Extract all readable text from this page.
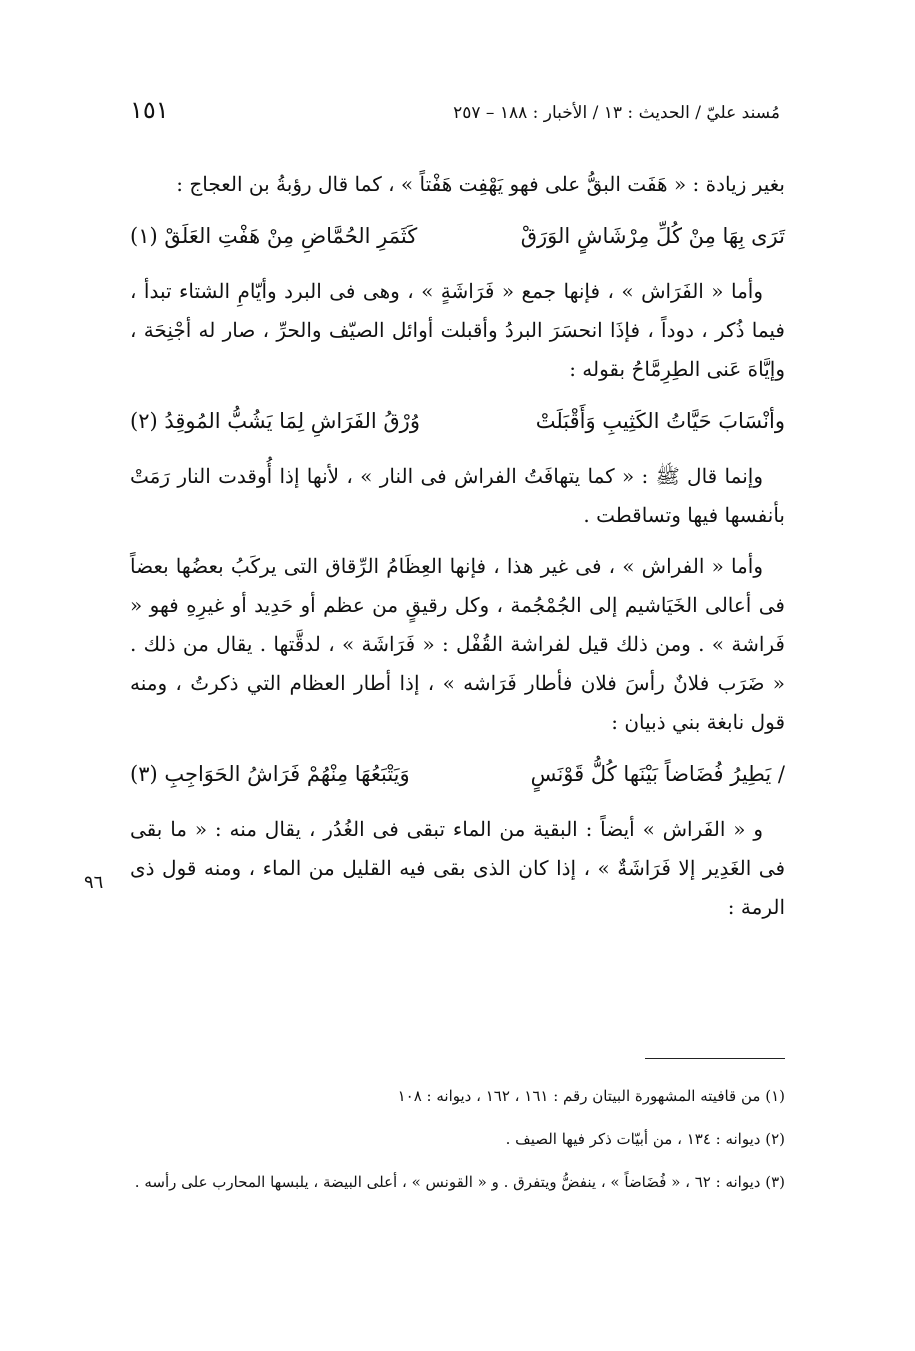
مُسند عليّ / الحديث : ١٣ / الأخبار : ١٨٨ – ٢٥٧
١٥١

بغير زيادة : « هَفَت البقُّ على فهو يَهْفِت هَفْتاً » ، كما قال رؤبةُ بن العجاج :

تَرَى بِهَا مِنْ كُلِّ مِرْشَاشٍ الوَرَقْ
كَثَمَرِ الحُمَّاضِ مِنْ هَفْتِ العَلَقْ (١)

وأما « الفَرَاش » ، فإنها جمع « فَرَاشَةٍ » ، وهى فى البرد وأيّامِ الشتاء تبدأ ، فيما ذُكر ، دوداً ، فإذَا انحسَرَ البردُ وأقبلت أوائل الصيّف والحرِّ ، صار له أجْنِحَة ، وإيَّاهَ عَنى الطِرِمَّاحُ بقوله :

وأنْسَابَ حَيَّاتُ الكَثِيبِ وَأَقْبَلَتْ
وُرْقُ الفَرَاشِ لِمَا يَشُبُّ المُوقِدُ (٢)

وإنما قال ﷺ : « كما يتهافَتُ الفراش فى النار » ، لأنها إذا أُوقدت النار رَمَتْ بأنفسها فيها وتساقطت .

وأما « الفراش » ، فى غير هذا ، فإنها العِظَامُ الرِّقاق التى يركَبُ بعضُها بعضاً فى أعالى الخَيَاشيم إلى الجُمْجُمة ، وكل رقيقٍ من عظم أو حَدِيد أو غيرِهِ فهو « فَراشة » . ومن ذلك قيل لفراشة القُفْل : « فَرَاشَة » ، لدقَّتها . يقال من ذلك . « ضَرَب فلانٌ رأسَ فلان فأطار فَرَاشه » ، إذا أطار العظام التي ذكرتُ ، ومنه قول نابغة بني ذبيان :

/ يَطِيرُ فُضَاضاً بَيْنَها كُلُّ قَوْنَسٍ
وَيَتْبَعُهَا مِنْهُمْ فَرَاشُ الحَوَاجِبِ (٣)

و « الفَراش » أيضاً : البقية من الماء تبقى فى الغُدُر ، يقال منه : « ما بقى فى الغَدِير إلا فَرَاشَةٌ » ، إذا كان الذى بقى فيه القليل من الماء ، ومنه قول ذى الرمة :

٩٦
(١) من قافيته المشهورة البيتان رقم : ١٦١ ، ١٦٢ ، ديوانه : ١٠٨
(٢) ديوانه : ١٣٤ ، من أبيّات ذكر فيها الصيف .
(٣) ديوانه : ٦٢ ، « فُضَاضاً » ، ينفضُّ ويتفرق . و « القونس » ، أعلى البيضة ، يلبسها المحارب على رأسه .
